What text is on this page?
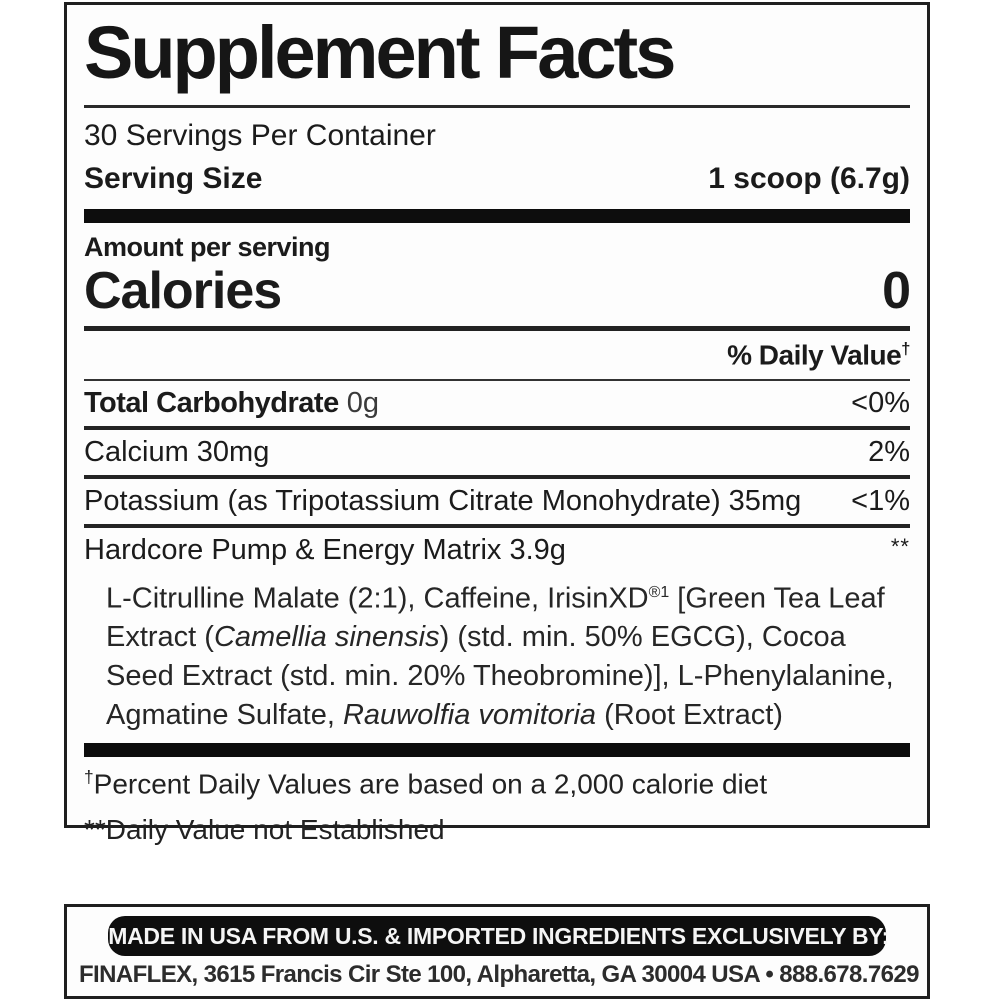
Supplement Facts
30 Servings Per Container
Serving Size	1 scoop (6.7g)
Amount per serving
Calories	0
% Daily Value†
Total Carbohydrate 0g	<0%
Calcium 30mg	2%
Potassium (as Tripotassium Citrate Monohydrate) 35mg <1%
Hardcore Pump & Energy Matrix 3.9g	**
L-Citrulline Malate (2:1), Caffeine, IrisinXD$^{®1}$ [Green Tea Leaf Extract (Camellia sinensis) (std. min. 50% EGCG), Cocoa Seed Extract (std. min. 20% Theobromine)], L-Phenylalanine, Agmatine Sulfate, Rauwolfia vomitoria (Root Extract)
†Percent Daily Values are based on a 2,000 calorie diet
**Daily Value not Established
MADE IN USA FROM U.S. & IMPORTED INGREDIENTS EXCLUSIVELY BY:
FINAFLEX, 3615 Francis Cir Ste 100, Alpharetta, GA 30004 USA • 888.678.7629
